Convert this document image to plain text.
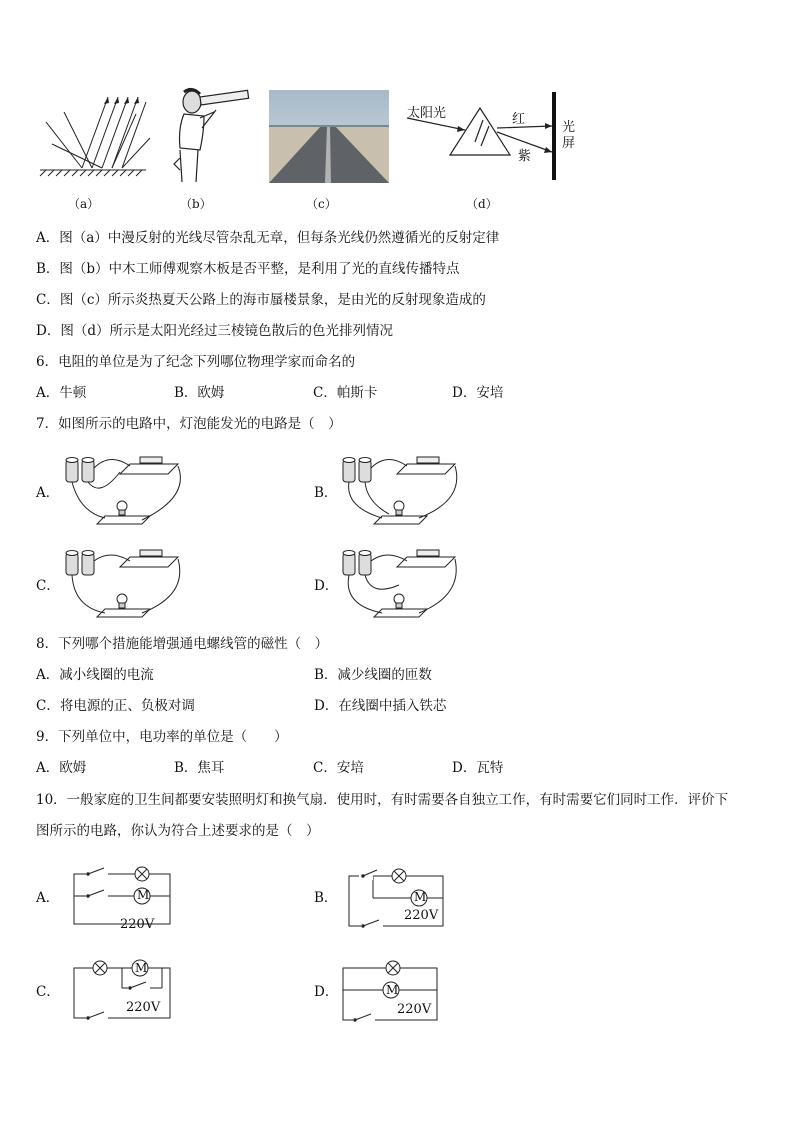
（a）	（b）	（c）
太阳光	红
紫
光屏
（d）
A．图（a）中漫反射的光线尽管杂乱无章，但每条光线仍然遵循光的反射定律
B．图（b）中木工师傅观察木板是否平整，是利用了光的直线传播特点
C．图（c）所示炎热夏天公路上的海市蜃楼景象，是由光的反射现象造成的
D．图（d）所示是太阳光经过三棱镜色散后的色光排列情况
6．电阻的单位是为了纪念下列哪位物理学家而命名的
A．牛顿	B．欧姆	C．帕斯卡	D．安培
7．如图所示的电路中，灯泡能发光的电路是（　）
A．	B．
C．	D．
8．下列哪个措施能增强通电螺线管的磁性（　）
A．减小线圈的电流	B．减少线圈的匝数
C．将电源的正、负极对调	D．在线圈中插入铁芯
9．下列单位中，电功率的单位是（　　）
A．欧姆	B．焦耳	C．安培	D．瓦特
10．一般家庭的卫生间都要安装照明灯和换气扇．使用时，有时需要各自独立工作，有时需要它们同时工作．评价下
图所示的电路，你认为符合上述要求的是（　）
A．	B．
C．	D．
M
220V
M
220V
M
220V
M
220V
